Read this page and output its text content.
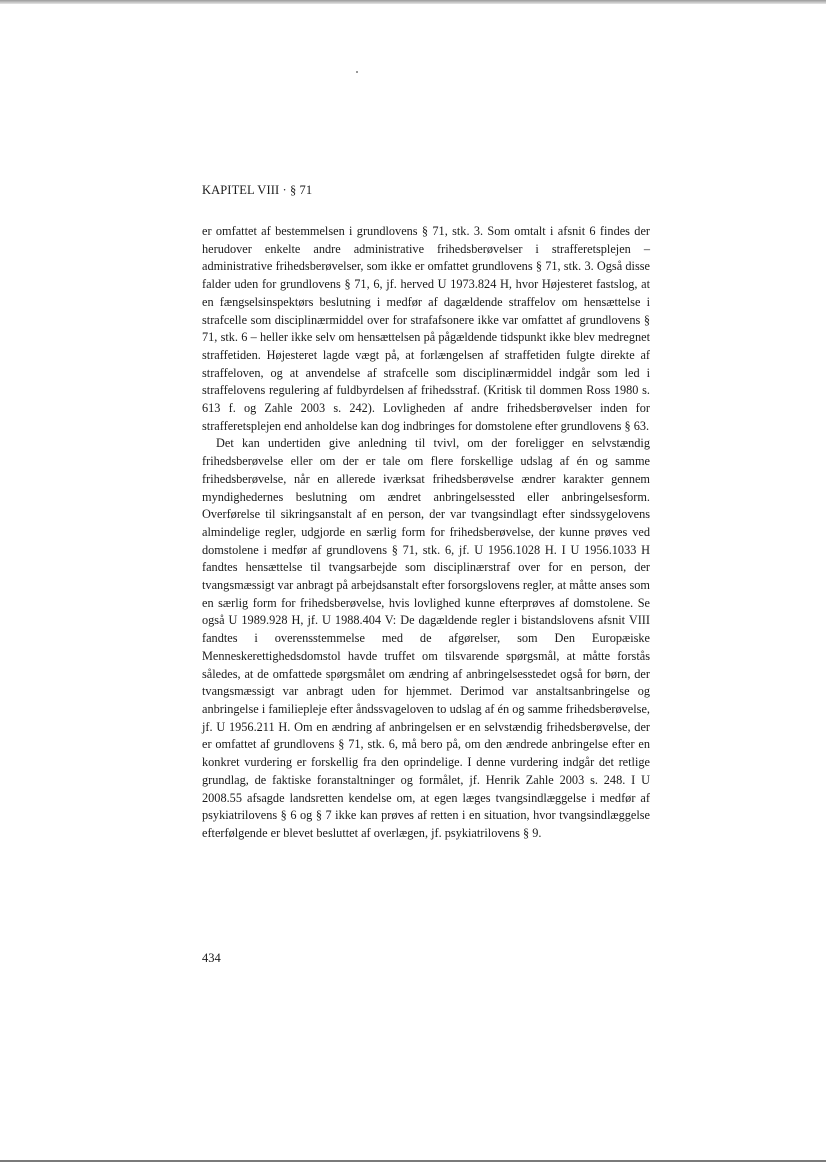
KAPITEL VIII · § 71

er omfattet af bestemmelsen i grundlovens § 71, stk. 3. Som omtalt i afsnit 6 findes der herudover enkelte andre administrative frihedsberøvelser i strafferetsplejen – administrative frihedsberøvelser, som ikke er omfattet grundlovens § 71, stk. 3. Også disse falder uden for grundlovens § 71, 6, jf. herved U 1973.824 H, hvor Højesteret fastslog, at en fængselsinspektørs beslutning i medfør af dagældende straffelov om hensættelse i strafcelle som disciplinærmiddel over for strafafsonere ikke var omfattet af grundlovens § 71, stk. 6 – heller ikke selv om hensættelsen på pågældende tidspunkt ikke blev medregnet straffetiden. Højesteret lagde vægt på, at forlængelsen af straffetiden fulgte direkte af straffeloven, og at anvendelse af strafcelle som disciplinærmiddel indgår som led i straffelovens regulering af fuldbyrdelsen af frihedsstraf. (Kritisk til dommen Ross 1980 s. 613 f. og Zahle 2003 s. 242). Lovligheden af andre frihedsberøvelser inden for strafferetsplejen end anholdelse kan dog indbringes for domstolene efter grundlovens § 63.

Det kan undertiden give anledning til tvivl, om der foreligger en selvstændig frihedsberøvelse eller om der er tale om flere forskellige udslag af én og samme frihedsberøvelse, når en allerede iværksat frihedsberøvelse ændrer karakter gennem myndighedernes beslutning om ændret anbringelsessted eller anbringelsesform. Overførelse til sikringsanstalt af en person, der var tvangsindlagt efter sindssygelovens almindelige regler, udgjorde en særlig form for frihedsberøvelse, der kunne prøves ved domstolene i medfør af grundlovens § 71, stk. 6, jf. U 1956.1028 H. I U 1956.1033 H fandtes hensættelse til tvangsarbejde som disciplinærstraf over for en person, der tvangsmæssigt var anbragt på arbejdsanstalt efter forsorgslovens regler, at måtte anses som en særlig form for frihedsberøvelse, hvis lovlighed kunne efterprøves af domstolene. Se også U 1989.928 H, jf. U 1988.404 V: De dagældende regler i bistandslovens afsnit VIII fandtes i overensstemmelse med de afgørelser, som Den Europæiske Menneskerettighedsdomstol havde truffet om tilsvarende spørgsmål, at måtte forstås således, at de omfattede spørgsmålet om ændring af anbringelsesstedet også for børn, der tvangsmæssigt var anbragt uden for hjemmet. Derimod var anstaltsanbringelse og anbringelse i familiepleje efter åndssvageloven to udslag af én og samme frihedsberøvelse, jf. U 1956.211 H. Om en ændring af anbringelsen er en selvstændig frihedsberøvelse, der er omfattet af grundlovens § 71, stk. 6, må bero på, om den ændrede anbringelse efter en konkret vurdering er forskellig fra den oprindelige. I denne vurdering indgår det retlige grundlag, de faktiske foranstaltninger og formålet, jf. Henrik Zahle 2003 s. 248. I U 2008.55 afsagde landsretten kendelse om, at egen læges tvangsindlæggelse i medfør af psykiatrilovens § 6 og § 7 ikke kan prøves af retten i en situation, hvor tvangsindlæggelse efterfølgende er blevet besluttet af overlægen, jf. psykiatrilovens § 9.

434
